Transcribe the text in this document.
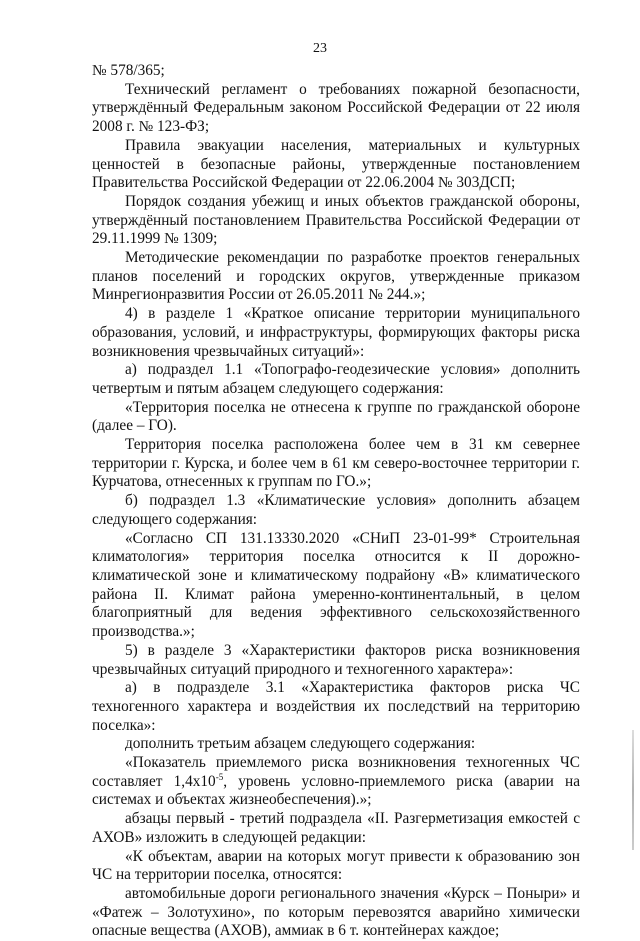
23

№ 578/365;

Технический регламент о требованиях пожарной безопасности, утверждённый Федеральным законом Российской Федерации от 22 июля 2008 г. № 123-ФЗ;

Правила эвакуации населения, материальных и культурных ценностей в безопасные районы, утвержденные постановлением Правительства Российской Федерации от 22.06.2004 № 303ДСП;

Порядок создания убежищ и иных объектов гражданской обороны, утверждённый постановлением Правительства Российской Федерации от 29.11.1999 № 1309;

Методические рекомендации по разработке проектов генеральных планов поселений и городских округов, утвержденные приказом Минрегионразвития России от 26.05.2011 № 244.»;

4) в разделе 1 «Краткое описание территории муниципального образования, условий, и инфраструктуры, формирующих факторы риска возникновения чрезвычайных ситуаций»:

а) подраздел 1.1 «Топографо-геодезические условия» дополнить четвертым и пятым абзацем следующего содержания:

«Территория поселка не отнесена к группе по гражданской обороне (далее – ГО).

Территория поселка расположена более чем в 31 км севернее территории г. Курска, и более чем в 61 км северо-восточнее территории г. Курчатова, отнесенных к группам по ГО.»;

б) подраздел 1.3 «Климатические условия» дополнить абзацем следующего содержания:

«Согласно СП 131.13330.2020 «СНиП 23-01-99* Строительная климатология» территория поселка относится к II дорожно-климатической зоне и климатическому подрайону «В» климатического района II. Климат района умеренно-континентальный, в целом благоприятный для ведения эффективного сельскохозяйственного производства.»;

5) в разделе 3 «Характеристики факторов риска возникновения чрезвычайных ситуаций природного и техногенного характера»:

а) в подразделе 3.1 «Характеристика факторов риска ЧС техногенного характера и воздействия их последствий на территорию поселка»:

дополнить третьим абзацем следующего содержания:

«Показатель приемлемого риска возникновения техногенных ЧС составляет $1,4х10^{-5}$, уровень условно-приемлемого риска (аварии на системах и объектах жизнеобеспечения).»;

абзацы первый - третий подраздела «II. Разгерметизация емкостей с АХОВ» изложить в следующей редакции:

«К объектам, аварии на которых могут привести к образованию зон ЧС на территории поселка, относятся:

автомобильные дороги регионального значения «Курск – Поныри» и «Фатеж – Золотухино», по которым перевозятся аварийно химически опасные вещества (АХОВ), аммиак в 6 т. контейнерах каждое;
